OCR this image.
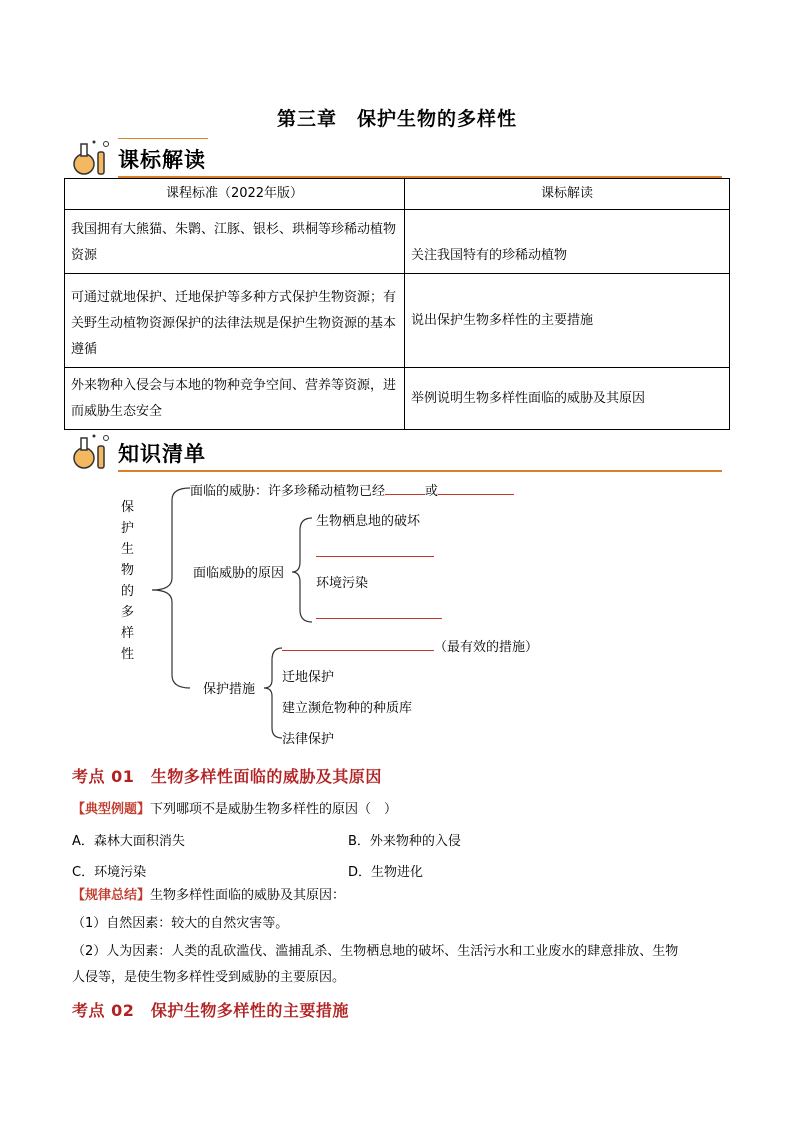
第三章　保护生物的多样性
课标解读
课程标准（2022年版）	课标解读
我国拥有大熊猫、朱鹮、江豚、银杉、珙桐等珍稀动植物资源	关注我国特有的珍稀动植物
可通过就地保护、迁地保护等多种方式保护生物资源；有关野生动植物资源保护的法律法规是保护生物资源的基本遵循	说出保护生物多样性的主要措施
外来物种入侵会与本地的物种竞争空间、营养等资源，进而威胁生态安全	举例说明生物多样性面临的威胁及其原因
知识清单
保
护
生
物
的
多
样
性
面临的威胁：许多珍稀动植物已经	或
面临威胁的原因
生物栖息地的破坏
环境污染
保护措施
（最有效的措施）
迁地保护
建立濒危物种的种质库
法律保护
考点 01　生物多样性面临的威胁及其原因
【典型例题】下列哪项不是威胁生物多样性的原因（　）
A．森林大面积消失	B．外来物种的入侵
C．环境污染	D．生物进化
【规律总结】生物多样性面临的威胁及其原因：
（1）自然因素：较大的自然灾害等。
（2）人为因素：人类的乱砍滥伐、滥捕乱杀、生物栖息地的破坏、生活污水和工业废水的肆意排放、生物
人侵等，是使生物多样性受到威胁的主要原因。
考点 02　保护生物多样性的主要措施
